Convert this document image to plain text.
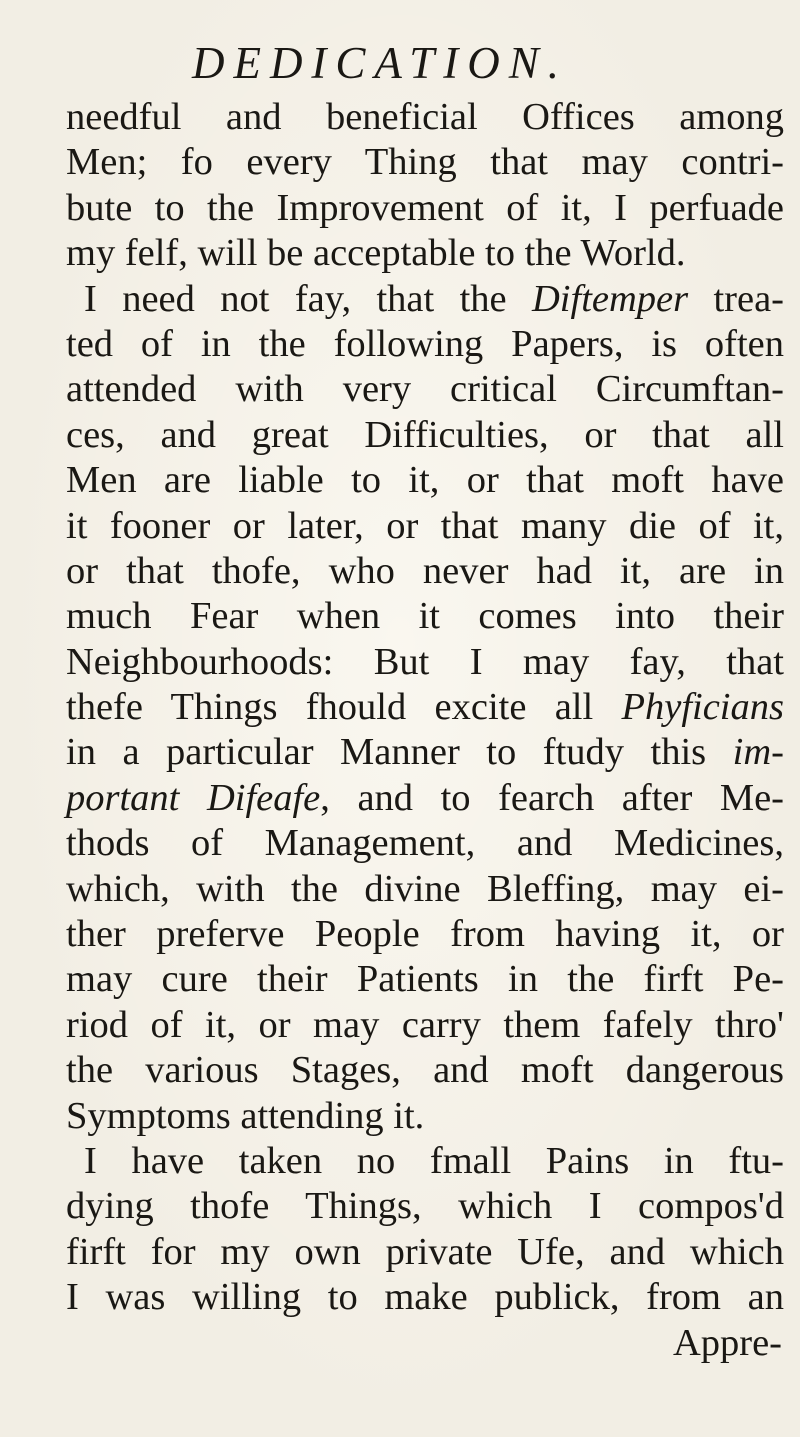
DEDICATION.
needful and beneficial Offices among
Men; fo every Thing that may contri-
bute to the Improvement of it, I perfuade
my felf, will be acceptable to the World.
I need not fay, that the Diftemper trea-
ted of in the following Papers, is often
attended with very critical Circumftan-
ces, and great Difficulties, or that all
Men are liable to it, or that moft have
it fooner or later, or that many die of it,
or that thofe, who never had it, are in
much Fear when it comes into their
Neighbourhoods: But I may fay, that
thefe Things fhould excite all Phyficians
in a particular Manner to ftudy this im-
portant Difeafe, and to fearch after Me-
thods of Management, and Medicines,
which, with the divine Bleffing, may ei-
ther preferve People from having it, or
may cure their Patients in the firft Pe-
riod of it, or may carry them fafely thro'
the various Stages, and moft dangerous
Symptoms attending it.
I have taken no fmall Pains in ftu-
dying thofe Things, which I compos'd
firft for my own private Ufe, and which
I was willing to make publick, from an
Appre-
